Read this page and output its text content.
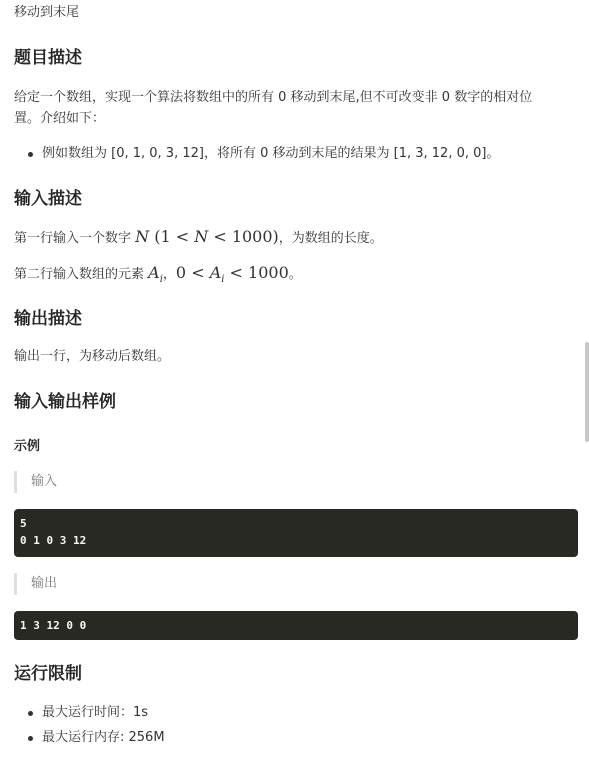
移动到末尾
题目描述
给定一个数组，实现一个算法将数组中的所有 0 移动到末尾,但不可改变非 0 数字的相对位
置。介绍如下：
例如数组为 [0, 1, 0, 3, 12]，将所有 0 移动到末尾的结果为 [1, 3, 12, 0, 0]。
输入描述
第一行输入一个数字 N (1 < N < 1000)，为数组的长度。
第二行输入数组的元素 $A_i$，$0 < A_i < 1000$。
输出描述
输出一行，为移动后数组。
输入输出样例
示例
输入
5
0 1 0 3 12
输出
1 3 12 0 0
运行限制
最大运行时间：1s
最大运行内存: 256M
